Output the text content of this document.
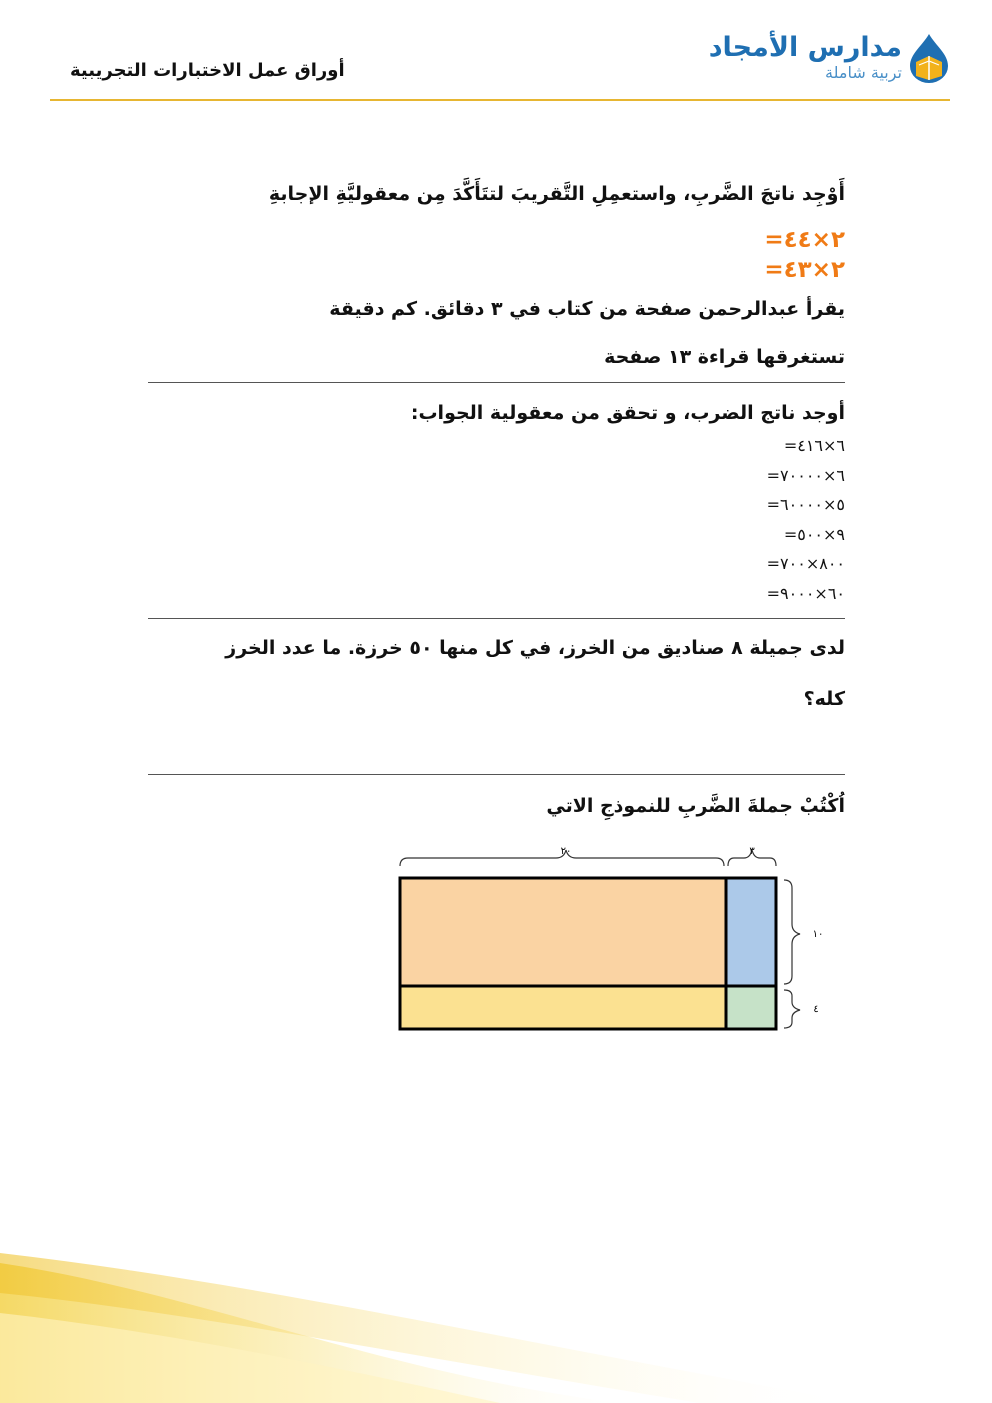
مدارس الأمجاد
تربية شاملة
أوراق عمل الاختبارات التجريبية
أَوْجِد ناتجَ الضَّربِ، واستعمِلِ التَّقريبَ لتتَأَكَّدَ مِن معقوليَّةِ الإجابةِ
٢×٤٤=
٢×٤٣=
يقرأ عبدالرحمن صفحة من كتاب في ٣ دقائق. كم دقيقة
تستغرقها قراءة ١٣ صفحة
أوجد ناتج الضرب، و تحقق من معقولية الجواب:
٦×٤١٦=
٦×٧٠٠٠٠=
٥×٦٠٠٠٠=
٩×٥٠٠=
٨٠٠×٧٠٠=
٦٠×٩٠٠٠=
لدى جميلة ٨ صناديق من الخرز، في كل منها ٥٠ خرزة. ما عدد الخرز
كله؟
اُكْتُبْ جملةَ الضَّربِ للنموذجِ الاتي
٢٠	٣
١٠
٤
